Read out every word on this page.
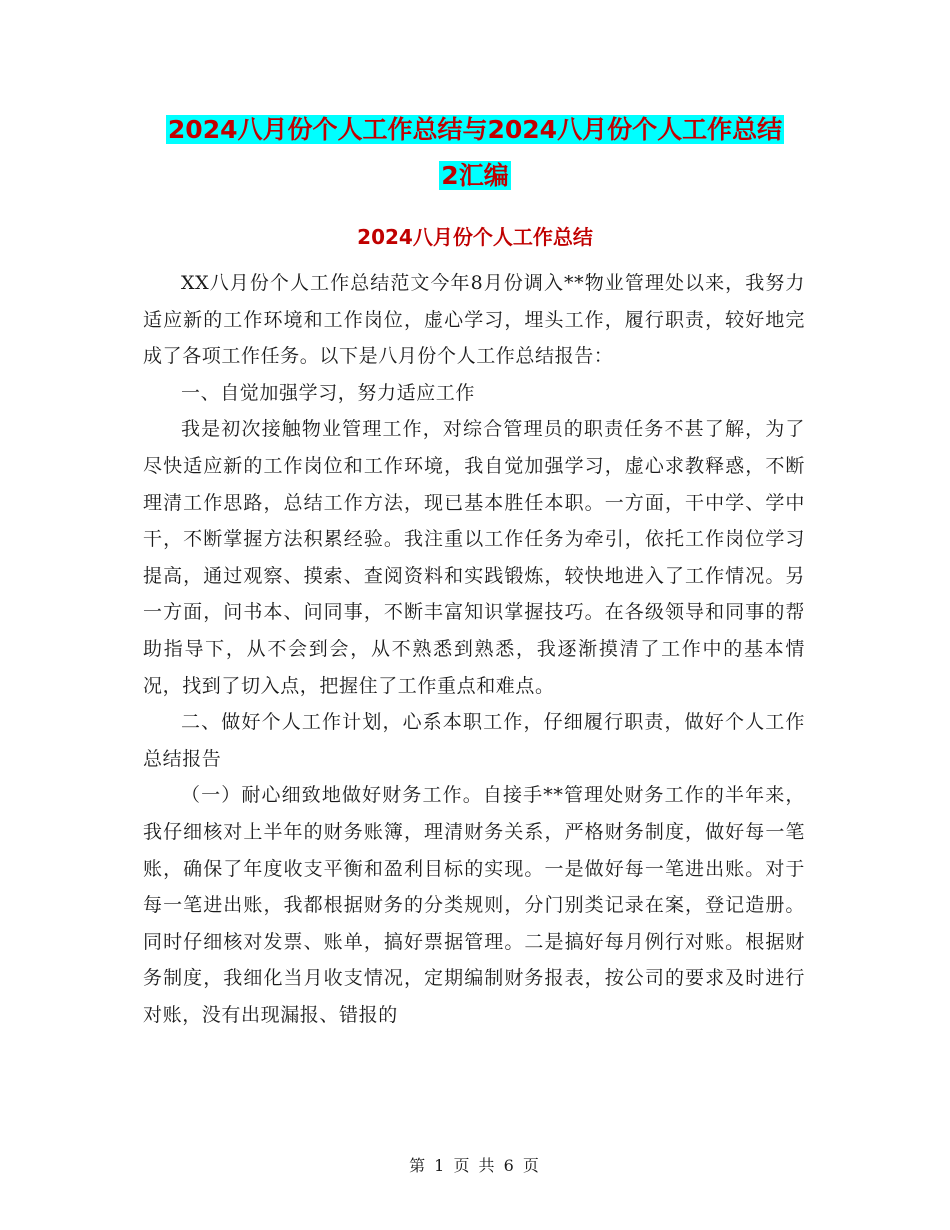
2024八月份个人工作总结与2024八月份个人工作总结
2汇编
2024八月份个人工作总结

XX八月份个人工作总结范文今年8月份调入**物业管理处以来，我努力适应新的工作环境和工作岗位，虚心学习，埋头工作，履行职责，较好地完成了各项工作任务。以下是八月份个人工作总结报告：

一、自觉加强学习，努力适应工作

我是初次接触物业管理工作，对综合管理员的职责任务不甚了解，为了尽快适应新的工作岗位和工作环境，我自觉加强学习，虚心求教释惑，不断理清工作思路，总结工作方法，现已基本胜任本职。一方面，干中学、学中干，不断掌握方法积累经验。我注重以工作任务为牵引，依托工作岗位学习提高，通过观察、摸索、查阅资料和实践锻炼，较快地进入了工作情况。另一方面，问书本、问同事，不断丰富知识掌握技巧。在各级领导和同事的帮助指导下，从不会到会，从不熟悉到熟悉，我逐渐摸清了工作中的基本情况，找到了切入点，把握住了工作重点和难点。

二、做好个人工作计划，心系本职工作，仔细履行职责，做好个人工作总结报告

（一）耐心细致地做好财务工作。自接手**管理处财务工作的半年来，我仔细核对上半年的财务账簿，理清财务关系，严格财务制度，做好每一笔账，确保了年度收支平衡和盈利目标的实现。一是做好每一笔进出账。对于每一笔进出账，我都根据财务的分类规则，分门别类记录在案，登记造册。同时仔细核对发票、账单，搞好票据管理。二是搞好每月例行对账。根据财务制度，我细化当月收支情况，定期编制财务报表，按公司的要求及时进行对账，没有出现漏报、错报的

第 1 页 共 6 页
